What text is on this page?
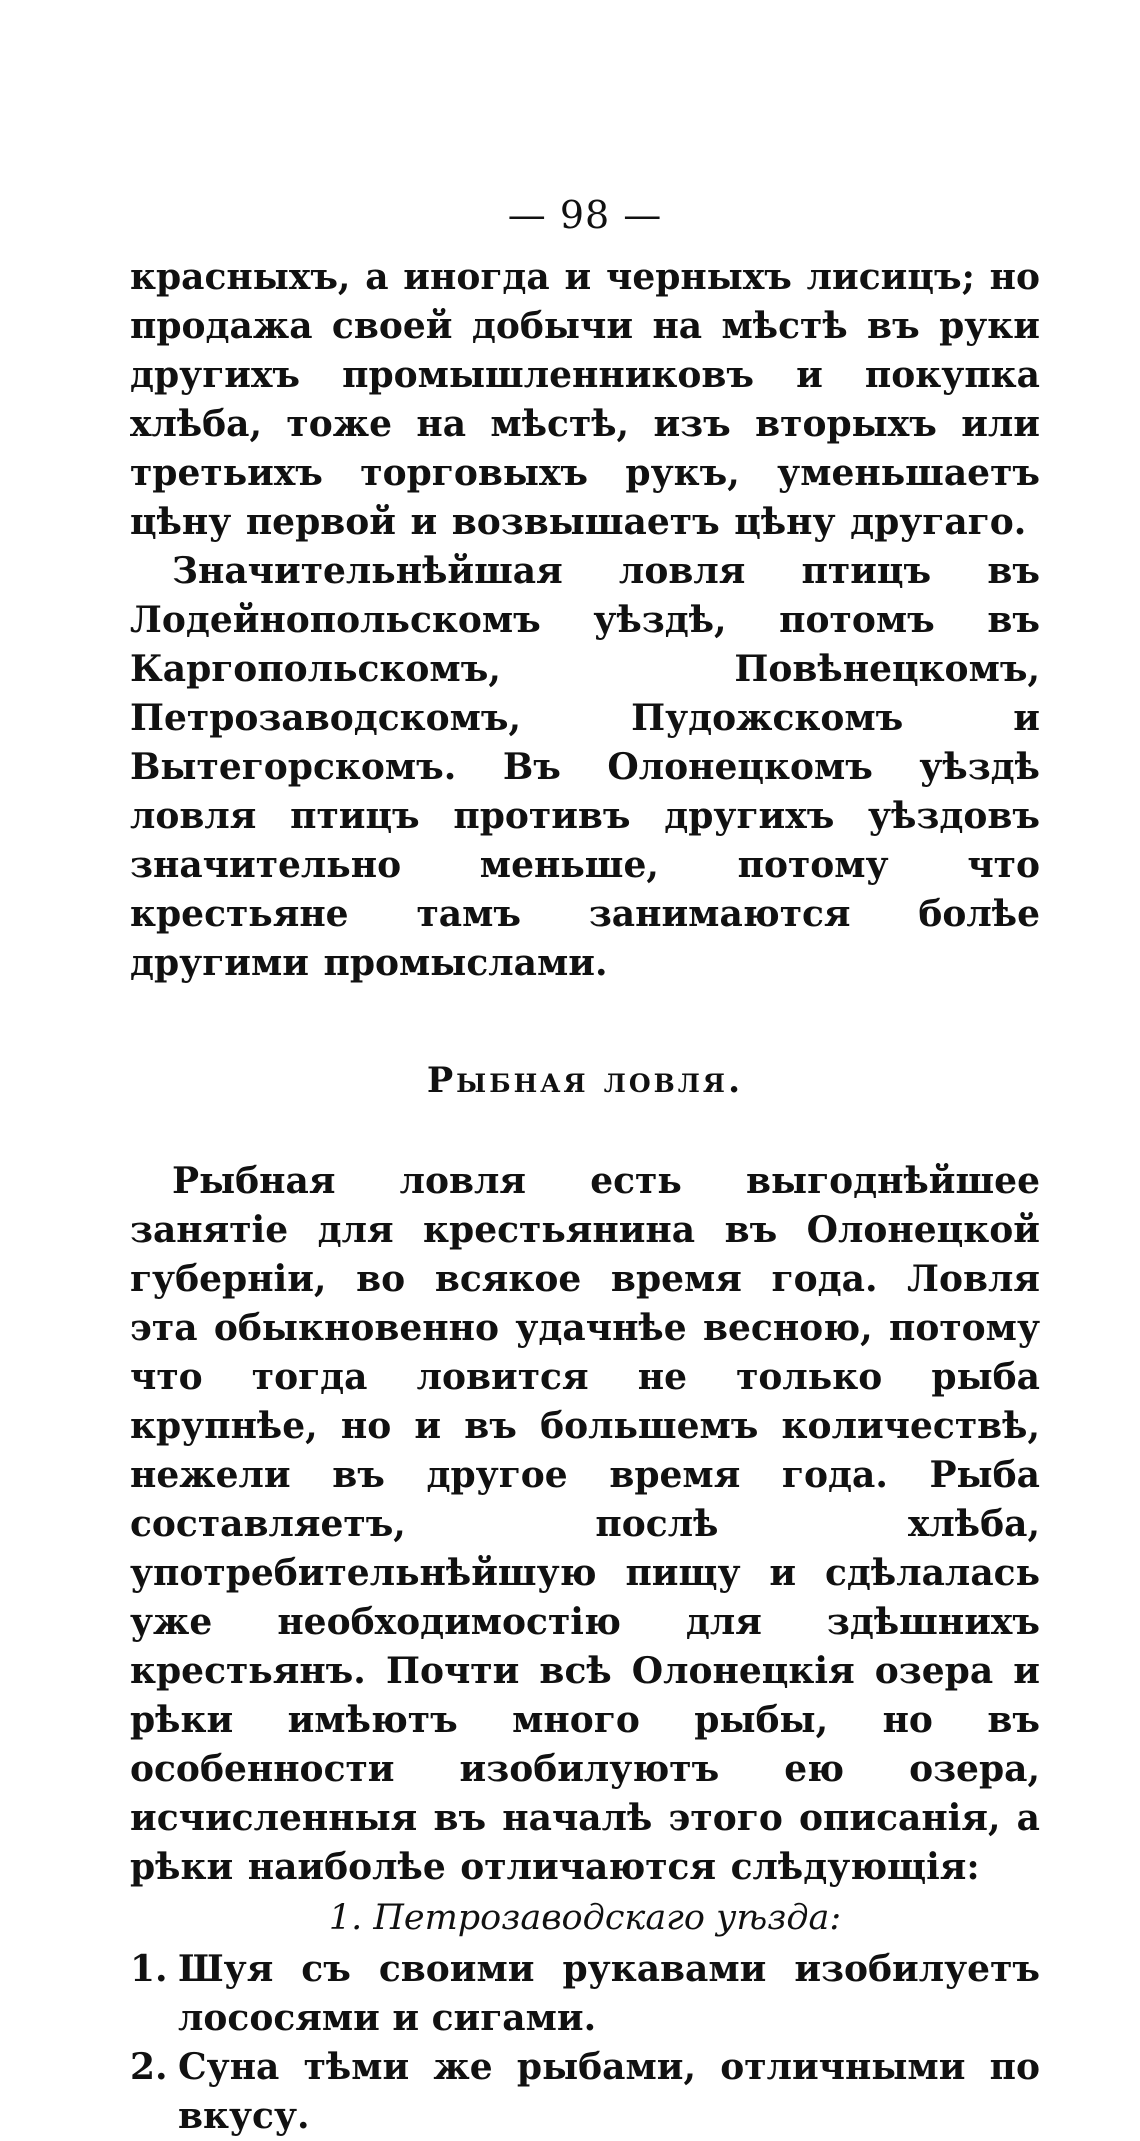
— 98 —

красныхъ, а иногда и черныхъ лисицъ; но продажа своей добычи на мѣстѣ въ руки другихъ промышленниковъ и покупка хлѣба, тоже на мѣстѣ, изъ вторыхъ или третьихъ торговыхъ рукъ, уменьшаетъ цѣну первой и возвышаетъ цѣну другаго.

Значительнѣйшая ловля птицъ въ Лодейнопольскомъ уѣздѣ, потомъ въ Каргопольскомъ, Повѣнецкомъ, Петрозаводскомъ, Пудожскомъ и Вытегорскомъ. Въ Олонецкомъ уѣздѣ ловля птицъ противъ другихъ уѣздовъ значительно меньше, потому что крестьяне тамъ занимаются болѣе другими промыслами.

Рыбная ловля.

Рыбная ловля есть выгоднѣйшее занятіе для крестьянина въ Олонецкой губерніи, во всякое время года. Ловля эта обыкновенно удачнѣе весною, потому что тогда ловится не только рыба крупнѣе, но и въ большемъ количествѣ, нежели въ другое время года. Рыба составляетъ, послѣ хлѣба, употребительнѣйшую пищу и сдѣлалась уже необходимостію для здѣшнихъ крестьянъ. Почти всѣ Олонецкія озера и рѣки имѣютъ много рыбы, но въ особенности изобилуютъ ею озера, исчисленныя въ началѣ этого описанія, а рѣки наиболѣе отличаются слѣдующія:

1. Петрозаводскаго уѣзда:
1. Шуя съ своими рукавами изобилуетъ лососями и сигами.
2. Суна тѣми же рыбами, отличными по вкусу.
